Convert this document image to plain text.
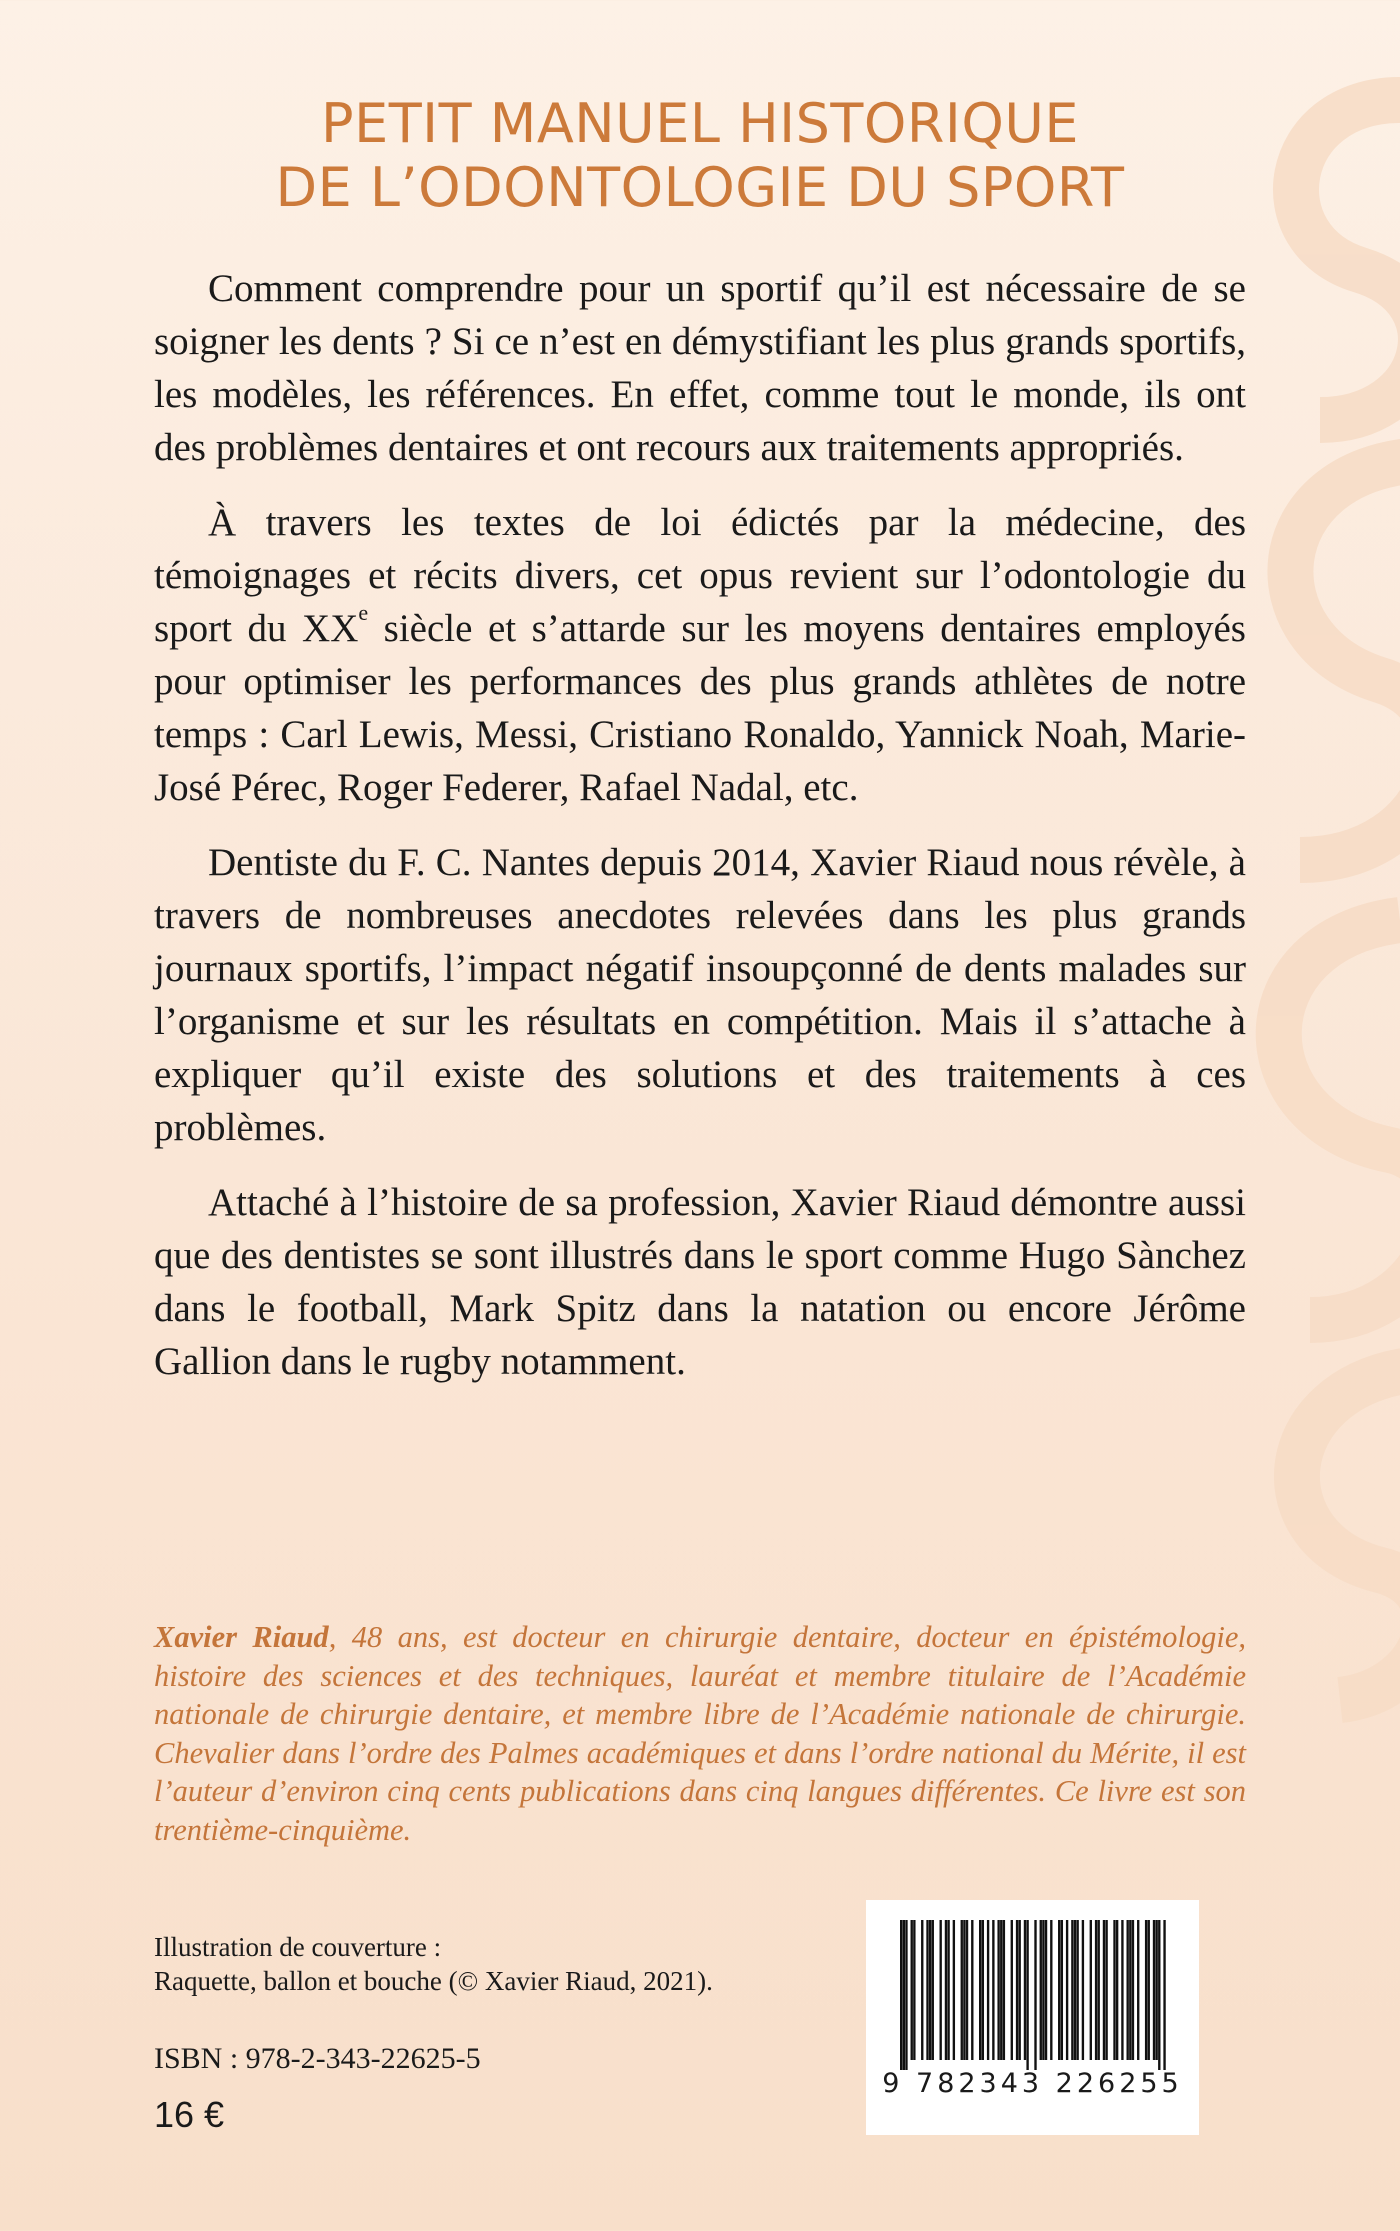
PETIT MANUEL HISTORIQUE
DE L’ODONTOLOGIE DU SPORT

Comment comprendre pour un sportif qu’il est nécessaire de se soigner les dents ? Si ce n’est en démystifiant les plus grands sportifs, les modèles, les références. En effet, comme tout le monde, ils ont des problèmes dentaires et ont recours aux traitements appropriés.

À travers les textes de loi édictés par la médecine, des témoignages et récits divers, cet opus revient sur l’odontologie du sport du XXe siècle et s’attarde sur les moyens dentaires employés pour optimiser les performances des plus grands athlètes de notre temps : Carl Lewis, Messi, Cristiano Ronaldo, Yannick Noah, Marie-José Pérec, Roger Federer, Rafael Nadal, etc.

Dentiste du F. C. Nantes depuis 2014, Xavier Riaud nous révèle, à travers de nombreuses anecdotes relevées dans les plus grands journaux sportifs, l’impact négatif insoupçonné de dents malades sur l’organisme et sur les résultats en compétition. Mais il s’attache à expliquer qu’il existe des solutions et des traitements à ces problèmes.

Attaché à l’histoire de sa profession, Xavier Riaud démontre aussi que des dentistes se sont illustrés dans le sport comme Hugo Sànchez dans le football, Mark Spitz dans la natation ou encore Jérôme Gallion dans le rugby notamment.

Xavier Riaud, 48 ans, est docteur en chirurgie dentaire, docteur en épistémologie, histoire des sciences et des techniques, lauréat et membre titulaire de l’Académie nationale de chirurgie dentaire, et membre libre de l’Académie nationale de chirurgie. Chevalier dans l’ordre des Palmes académiques et dans l’ordre national du Mérite, il est l’auteur d’environ cinq cents publications dans cinq langues différentes. Ce livre est son trentième-cinquième.
Illustration de couverture :
Raquette, ballon et bouche (© Xavier Riaud, 2021).
ISBN : 978-2-343-22625-5
16 €
9 782343 226255
